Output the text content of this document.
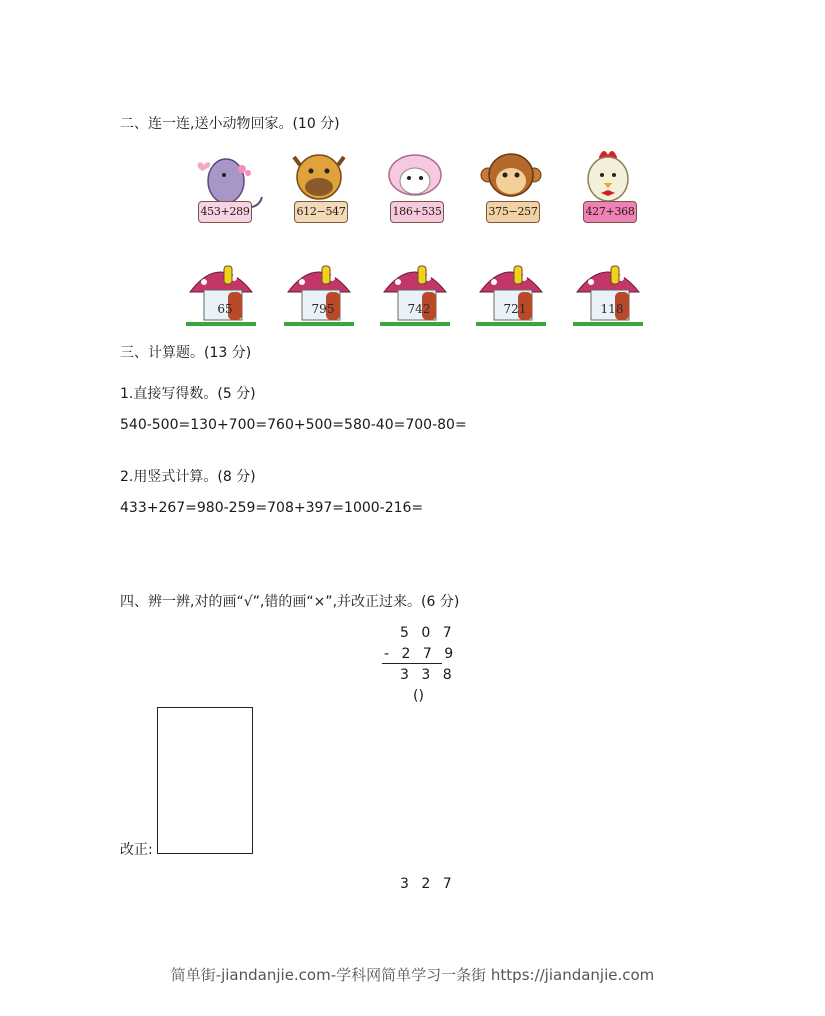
二、连一连,送小动物回家。(10 分)
453+289	612−547	186+535	375−257	427+368
65	795	742	721	118
三、计算题。(13 分)
1.直接写得数。(5 分)
540-500=130+700=760+500=580-40=700-80=
2.用竖式计算。(8 分)
433+267=980-259=708+397=1000-216=
四、辨一辨,对的画“√”,错的画“×”,并改正过来。(6 分)
5 0 7
- 2 7 9
3 3 8
()
改正:
3 2 7
简单街-jiandanjie.com-学科网简单学习一条街 https://jiandanjie.com
